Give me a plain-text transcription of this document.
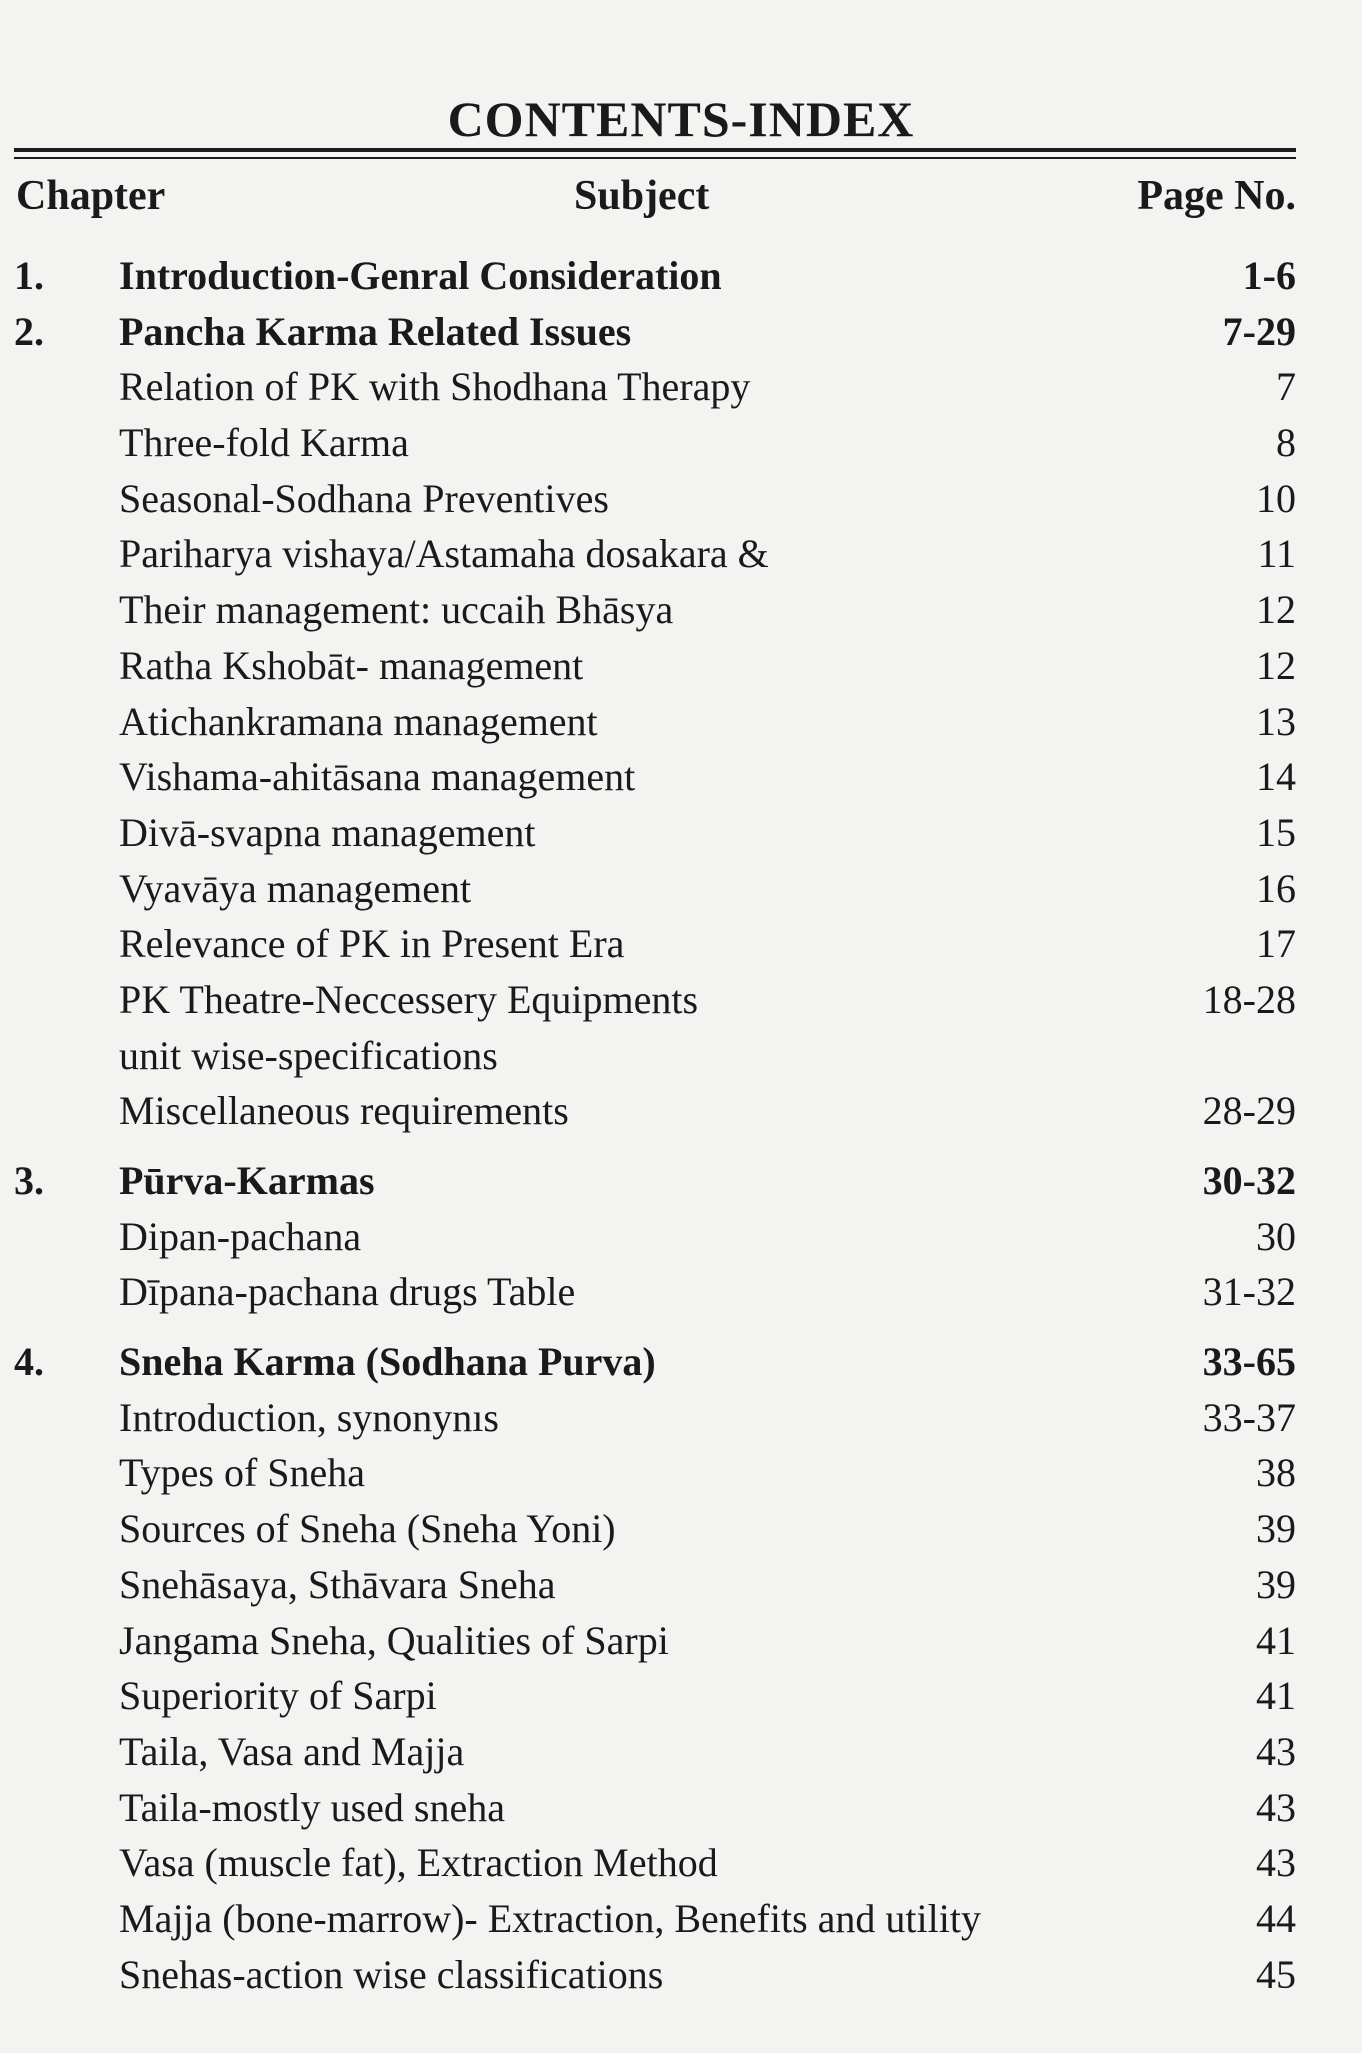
CONTENTS-INDEX
Chapter	Subject	Page No.
1. Introduction-Genral Consideration	1-6
2. Pancha Karma Related Issues	7-29
Relation of PK with Shodhana Therapy	7
Three-fold Karma	8
Seasonal-Sodhana Preventives	10
Pariharya vishaya/Astamaha dosakara &	11
Their management: uccaih Bhāsya	12
Ratha Kshobāt- management	12
Atichankramana management	13
Vishama-ahitāsana management	14
Divā-svapna management	15
Vyavāya management	16
Relevance of PK in Present Era	17
PK Theatre-Neccessery Equipments	18-28
unit wise-specifications
Miscellaneous requirements	28-29
3. Pūrva-Karmas	30-32
Dipan-pachana	30
Dīpana-pachana drugs Table	31-32
4. Sneha Karma (Sodhana Purva)	33-65
Introduction, synonynıs	33-37
Types of Sneha	38
Sources of Sneha (Sneha Yoni)	39
Snehāsaya, Sthāvara Sneha	39
Jangama Sneha, Qualities of Sarpi	41
Superiority of Sarpi	41
Taila, Vasa and Majja	43
Taila-mostly used sneha	43
Vasa (muscle fat), Extraction Method	43
Majja (bone-marrow)- Extraction, Benefits and utility	44
Snehas-action wise classifications	45
